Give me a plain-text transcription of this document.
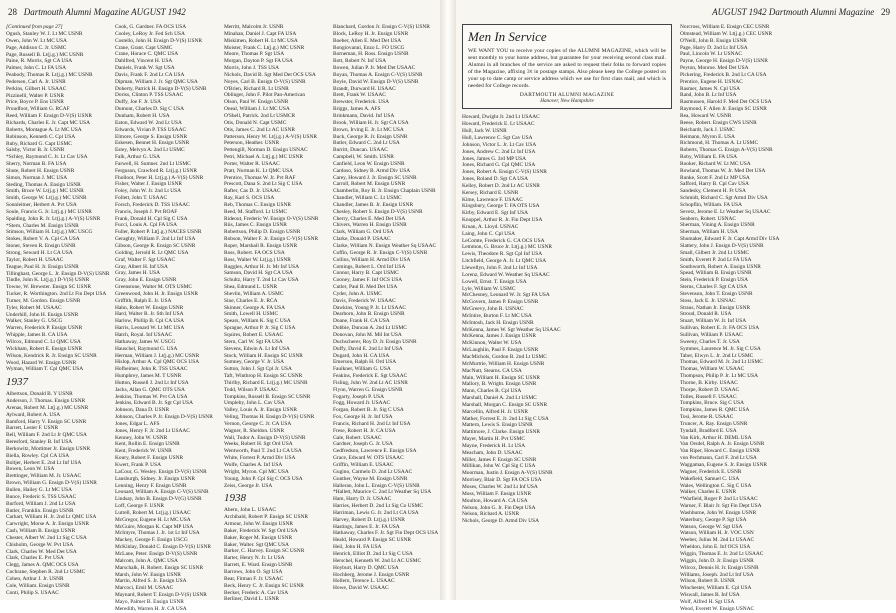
28 Dartmouth Alumni Magazine AUGUST 1942
[Continued from page 27]
Ogush, Stanley W. J. Lt MC USNR
Owen, John W. Lt MC USA
Page, Addison C. Jr. USMC
Page, Russell B. Lt(j.g.) MC USNR
Paine, R. Morris, Sgt CA USA
Palmer, John C. Lt FA USA
Peabody, Thomas R. Lt(j.g.) MC USNR
Pedersen, Carl A. Jr. USNR
Perkins, Gilbert H. USAAC
Pizzinelli, Walter P. USNR
Price, Boyce P. Ens USNR
Proudfoot, William G. RCAF
Reed, William F. Ensign D-V(S) USNR
Richards, Charles E. Jr. Capt MC USA
Roberts, Montague A. Lt MC USA
Robinson, Kenneth C. Cpl USA
Ruby, Richard G. Capt USMC
Salsby, Victor B. Jr. USNR
*Schley, Raymond C. Jr. Lt Cav USA
Sherry, Norman B. FA USA
Shute, Robert H. Ensign USNR
Simon, Norman J. MC USA
Steding, Thomas A. Ensign USNR
Smith, Bruce W. Lt(j.g.) MC USNR
Smith, George W. Lt(j.g.) MC USNR
Sonnleitner, Herbert A. Pvt USA
Soule, Francis G. Jr. Lt(j.g.) MC USNR
Spalding, John R. Jr. Lt(j.g.) A-V(S) USNR
*Stern, Charles M. Ensign USNR
Stimson, William H. Lt(j.g.) MC USCG
Stokes, Robert V. A. Cpl CA USA
Stoner, Steven R. Ensign USNR
Strong, Seward H. Lt CA USA
Taylor, Robert H. USAAC
Teague, Paul H. Jr. Ensign USNR
Tillinghast, George L. Jr. Ensign D-V(S) USNR
Tindle, John K. Lt(j.g.) D-V(S) USNR
Towne, W. Brewster. Ensign SC USNR
Tucker, R. Worthington. 2nd Lt Fin Dept USA
Turner, M. Gordon. Ensign USNR
Tyler, Robert M. USAAC
Underhill, John H. Ensign USNR
Walker, Stanley G. USCG
Warren, Frederick P. Ensign USNR
Whipple, James B. CA USA
Wilcox, Edmund C. Lt QMC USA
Wickham, Robert E. Ensign USNR
Wilson, Kendrick R. Jr. Ensign SC USNR
Wood, Hazard W. Ensign USNR
Wyman, William T. Cpl QMC USA
1937
Albertson, Donald B. Y USNR
Anderson, J. Thomas. Ensign USNR
Arenas, Robert M. Lt(j.g.) MC USNR
Aylward, Robert A. USA
Bamford, Harry V. Ensign SC USNR
Barrett, Lester F. USNR
Bell, William F. 2nd Lt Jr QMC USA
Beresford, Stanley B. Inf USA
Berkowitz, Mortimer Jr. Ensign USNR
Biella, Rowley. Cpl CA USA
Boltjer, Herbert E. 2nd Lt Inf USA
Bowen, Leon W. USA
Brettinger, William M. Jr. USAAC
Brown, William G. Ensign D-V(S) USNR
Bullen, Hailey G. Lt MC USA
Bunce, Frederic S. TSS USAAC
Burford, William J. 2nd Lt USA
Butler, Franklin. Ensign USNR
Carhart, William H. Jr. 2nd Lt QMC USA
Carwright, Morse A. Jr. Ensign USNR
Cash, William B. Ensign USNR
Chester, Albert W. 2nd Lt Sig C USA
Chisholm, George W. Pvt USA
Clark, Charles W. Med Det USA
Clark, Charles E. Pvt USA
Clegg, James A. QMC OCS USA
Cochrane, Stephen R. 2nd Lt USMC
Cohen, Arthur J. Jr. USNR
Cole, William. Ensign USNR
Conti, Philip S. USAAC
Cook, G. Gardner. FA OCS USA
Cooley, LeRoy Jr. Fed Sch USA
Costello, John H. Ensign D-V(S) USNR
Crane, Grant. Capt USMC
Crane, Horace C. QMC USA
Dahlfred, Vincent H. USA
Daniels, Frank W. Sgt USA
Davis, Frank F. 2nd Lt CA USA
Dipman, William J. Jr. Sgt QMC USA
Doherty, Patrick H. Ensign D-V(S) USNR
Doriss, Clinton P. TSS USAAC
Duffy, Joe F. Jr. USA
Dumont, Charles D. Sig C USA
Dunham, Robert H. USA
Eaton, Edward W. 2nd Lt USA
Edwards, Vivian P. TSS USAAC
Elmore, George S. Ensign USNR
Eskesen, Bennet H. Ensign USNR
Estey, Melvyn A. 2nd Lt USMC
Falk, Arthur G. USA
Farwell, H. Sumner. 2nd Lt USMC
Ferguson, Crawford R. Lt(j.g.) USNR
Fholloot, Peter H. Lt(j.g.) A-V(S) USNR
Fisher, Walter J. Ensign USNR
Foley, John W. Jr. 2nd Lt USA
Follett, John T. USAAC
Forsch, Frederick D. TSS USAAC
Francis, Joseph J. Pvt ROAF
Frank, Donald H. Cpl Sig C USA
Fucci, Louis A. Cpl FA USA
Fuller, Robert P. Lt(j.g.) NACES USNR
Geraghty, William F. 2nd Lt Inf USA
Gibson, George R. Ensign SC USNR
Golding, Jerrold R. Lt QMC USA
Graf, Walter F. Sgt USAAC
Gray, Albert H. Inf USA
Gray, James H. USA
Gray, John E. Ensign USNR
Greenstone, Walter M. OTS USMC
Greenwood, John H. Jr. Ensign USNR
Griffith, Ralph E. Jr. USA
Hahn, Robert W. Ensign USNR
Hard, Walter R. Jr. Sth Inf USA
Harlow, Phillip B. Cpl CA USA
Harris, Leonard W. Lt MC USA
Hatch, Royal. Inf USAAC
Hathaway, James W. USCG
Hauschel, Raymond G. USA
Herman, William J. Lt(j.g.) MC USNR
Hislop, Arthur A. Cpl QMC OCS USA
Hofheimer, John R. TSS USAAC
Humphrey, James M. T USNR
Hutton, Russell J. 2nd Lt Inf USA
Jacks, Allan G. QMC OTS USA
Jenkins, Thomas W. Pvt CA USA
Jenkins, Edward B. Jr. Sgt Cpl USA
Johnson, Dana D. USNR
Johnson, Charles P. Jr. Ensign D-V(S) USNR
Jones, Edgar L. AFS
Jones, Henry F. Jr. 2nd Lt USAAC
Kenney, John W. USNR
Kent, Rollin E. Ensign USNR
Kent, Frederick W. USNR
Koury, Robert F. Ensign USNR
Kwert, Frank P. USA
LaCour, G. Wesley. Ensign D-V(S) USNR
Lansburgh, Sidney. Jr. Ensign USNR
Lenning, Henry F. Ensign USNR
Leonard, William A. Ensign C-V(S) USNR
Lindsay, John B. Ensign D-V(G) USNR
Loff, George F. USNR
Lutrell, Robert M. Lt(j.g.) USAAC
McGregor, Eugene H. Lt MC USA
McGuire, Morgan K. Capt MP USA
McIntyre, Thomas J. Jr. 1st Lt Inf USA
Mackey, George F. Ensign USCG
McKinlay, Donald C. Ensign D-V(S) USNR
McLane, Peter. Ensign D-V(S) USNR
Malcom, John A. QMC USA
Marschalk, H. Robert. Ensign SC USNR
Marsh, John W. Ensign USNR
Martin, Alfred S. Jr. Ensign USA
Marcoci, Emil M. USAAC
Maynard, Robert T. Ensign D-V(S) USNR
Mayo, Palmer B. Ensign USNR
Meredith, Warren H. Jr. CA USA
Merritt, Malcolm Jr. USNR
Minahan, Daniel J. Capt FA USA
Miskimen, Robert H. Lt MC USA
Moister, Frank C. Lt(j.g.) MC USNR
Moore, Thomas P. Sgt USA
Morgan, Dayton P. Sgt FA USA
Morris, John J. TSS USA
Nichols, David B. Sgt Med Det OCS USA
Noyes, Carl B. Ensign O-V(S) USNR
O'Brien, Richard R. Lt USNR
Oblinger, John F. Pilot Pan-American
Olson, Paul W. Ensign USNR
Oneal, William J. Lt MC USA
O'Shell, Patrick. 2nd Lt USMCR
Otis, Donald N. Capt USMC
Otis, James C. 2nd Lt AC USNR
Patterson, Henry W. Lt(j.g.) A-V(S) USNR
Peterson, Heather. USNR
Pettengill, Norman D. Ensign USNAC
Petri, Michael A. Lt(j.g.) MC USNR
Porter, Walter R. USAAC
Pratt, Norman K. Lt QMC USA
Prentice, Thomas W. Jr. Pvt RAF
Prescott, Dana S. 2nd Lt Sig C USA
Rafter, Cas D. Jr. USAAC
Ray, Karl S. OCS USA
Reb, Thomas C. Ensign USNR
Reed, M. Stafford. Lt USMC
Rideout, Frederic W. Ensign O-V(S) USNR
Riis, James C. Ensign USNR
Robertson, Philip D. Ensign USNR
Robson, Walter F. Jr. Ensign C-V(S) USNR
Roper, Marshall R. Ensign USNR
Ross, Robert. FA OCS USA
Ross, Walter W. Lt(j.g.) USNR
Ruggles, Arthur H. Jr. Mr Inf USA
Samson, David H. Sgt CA USA
Schultz, Harry T. 2nd Lt Cav USA
Shea, Edmund L. USNR
Shevlin, William A. USMC
Sine, Charles E. Jr. RCA
Skinner, George A. FA USA
Smith, Lowell H. USMC
Spears, William K. Sig C USA
Sprague, Arthur P. Jr. Sig C USA
Squires, Robert E. USAAC
Stern, Carl W. Sgt FA USA
Stevens, Edwin A. Lt Inf USA
Stock, William H. Ensign SC USNR
Sumney, George V. Jr. USA
Sutton, John J. Sgt Cpl Jr. USA
Taft, Winthrop H. Ensign SC USNR
Thirlby, Richard E. Lt(j.g.) MC USNR
Todd, Wilson P. USAAC
Tompkins, Russell B. Ensign SC USNR
Umpleby, John L. Cav USA
Valley, Louis A. Jr. Ensign USNR
Veling, Thomas H. Ensign D-V(S) USNR
Vernon, George C. Jr. CA USA
Wagner, R. Sheldon. USNR
Wall, Tudor A. Ensign D-V(S) USNR
Weeks, Robert H. Sgt Ord USA
Wentworth, Paul T. 2nd Lt CA USA
White, Forrest P. Armd Div USA
Wolfe, Charles A. Inf USA
Wright, Myron. Cpl MC USA
Young, John P. Cpl Sig C OCS USA
Zeiss, George Jr. USA
1938
Abern, John L. USAAC
Archibald, Robert P. Ensign SC USNR
Armour, John W. Ensign USNR
Baker, Frederick W. Sgt Ord USA
Baker, Roger M. Ensign USNR
Baker, Walter. Sgt QMC USA
Barker, C. Harvey. Ensign SC USNR
Barter, Henry N. Jr. Lt USA
Barrett, E. Ward. Ensign USNR
Barrows, John O. Sgt USA
Bear, Fitman F. Jr. USAAC
Beck, Henry C. Jr. Ensign SC USNR
Becker, Frederic A. Cav USA
Berliner, David L. USNR
Blanchard, Gordon Jr. Ensign C-V(S) USNR
Block, LeRoy H. Jr. Ensign USNR
Boeber, Allen E. Med Det USA
Bongiovanni, Enzo L. FO USCG
Borneman, H. Ross. Ensign USNR
Bott, Robert N. Inf USA
Bowen, Julian P. Jr. Med Det USAAC
Boyan, Thomas A. Ensign C-V(S) USNR
Boyle, David W. Ensign D-V(S) USNR
Brandt, Durward H. USAAC
Brett, Frank W. USAAC
Brewster, Frederick. USA
Briggs, James A. AFS
Brinkmann, David. Inf USA
Brook, William H. Jr. Sgt CA USA
Brown, Irving E. Jr. Lt MC USA
Buck, George R. Jr. Ensign USNR
Butler, Edward C. 2nd Lt USA
Burritt, Duncan. USAAC
Campbell, W. Smith. USNR
Canfield, Leon W. Ensign USNR
Cardoso, Sidney B. Armd Div USA
Carey, Howard J. Jr. Ensign SC USNR
Carroll, Robert M. Ensign USNR
Chamberlin, Roy B. Jr. Ensign Chaplain USNR
Chandler, William C. Lt USMC
Chandler, James B. Jr. Ensign USNR
Chesley, Robert S. Ensign D-V(S) USNR
Cherry, Charles E. Med Det USA
Chivers, Warren H. Ensign USNR
Clark, William G. Ord USA
Clarke, Donald P. USAAC
Clarke, William N. Ensign Weather Sq USAAC
Coffin, George R. Jr. Ensign C-V(S) USNR
Collins, William H. Armd Div USA
Comings, Robert L. Ord Inf USA
Connor, Harry B. Capt USMC
Cooney, James F. Inf OCS USA
Cutler, Paul B. Med Det USA
Cyder, John A. USMC
Davis, Frederick W. USAAC
Dawkins, Young P. Jr. Lt USAAC
Dearborn, John B. Ensign USNR
Doane, Frank H. CA USA
Dobbie, Duncan A. 2nd Lt USMC
Donovan, John M. Mil Int USA
Duchscherer, Roy D. Jr. Ensign USNR
Duffy, David E. 2nd Lt Inf USA
Dugard, John H. CA USA
Emerson, Ralph H. Ord USA
Faulkner, William G. USA
Feakins, Frederick E. Sgt USAAC
Fisling, John W. 2nd Lt AC USNR
Flynn, Warren G. Ensign USNR
Fogarty, Joseph P. USA
Fogg, Howard Jr. USAAC
Forgan, Robert B. Jr. Sig C USA
Fox, George H. Jr. Inf USA
Francis, Richard H. 2nd Lt Inf USA
Frese, Robert H. Jr. CA USA
Gale, Robert. USAAC
Gardner, Joseph G. Jr. USA
Gedfredson, Lawrence E. Ensign USA
Grace, Edward W. OTS USAAC
Griffin, William E. USAAC
Gugino, Carmelo D. 2nd Lt USAAC
Gunther, Wayne M. Ensign USNR
Halleran, John L. Ensign C-V(S) USNR
*Hallett, Maurice C. 2nd Lt Weather Sq USA
Ham, Harry D. Jr. USAAC
Harries, Herbert D. 2nd Lt Sig Co USMC
Harriman, Lewis G. Jr. 2nd Lt CA USA
Harvey, Robert D. Lt(j.g.) USNR
Hastings, James E. Jr. FA USA
Hathaway, Charles F. Jr. Sgt Fin Dept OCS USA
Heald, Howard P. Ensign SC USNR
Heil, John H. FA USA
Henrich, Elliot D. 2nd Lt Sig C USA
Herschel, Kenneth W. 2nd Lt AC USMC
Hoyburt, Harry D. QMC USA
Hochberg, Jerome J. Ensign USNR
Hollern, Terence L. USAAC
Howe, David W. USAAC
AUGUST 1942 Dartmouth Alumni Magazine 29
Men In Service

WE WANT YOU to receive your copies of the ALUMNI MAGAZINE, which will be sent monthly to your home address, but guarantee for your receiving second class mail. Alumni in all branches of the service are asked to request their folks to forward copies of the Magazine, affixing 3¢ in postage stamps. Also please keep the College posted on your up to date camp or service address which we use for first class mail, and which is needed for College records.

DARTMOUTH ALUMNI MAGAZINE
Hanover, New Hampshire
Howard, Dwight Jr. 2nd Lt USAAC
Howard, Frederick E. Lt USAAC
Hull, Jack W. USNR
Hull, Lawrence C. Sgt Cav USA
Johnson, Victor L. Jr. Lt Cav USA
Jones, Andrew C. 2nd Lt Inf USA
Jones, James G. 3rd MP USA
Jones, Richard G. Cpl QMC USA
Jones, Robert A. Ensign C-V(S) USNR
Jones, Roland D. Sgt CA USA
Kelley, Robert D. 2nd Lt AC USNR
Kersey, Richard E. USNR
Kime, Lawrence F. USAAC
Kingsbury, George T. FA OTS USA
Kirby, Edward E. Sgt Inf USA
Knoppel, Arthur R. Jr. Fin Dept USA
Kruan, A. Lloyd. USNAC
Laing, John C. Cpl USA
LeComte, Frederick G. CA OCS USA
Lemmon, G. Bruce Jr. Lt(j.g.) MC USNR
Lewis, Theodore R. Sgt Cpl Inf USA
Litchfield, George A. Jr. Lt QMC USA
Llewellyn, John F. 2nd Lt Inf USA
Lorenz, Edward W. Weather Sq USAAC
Lowell, Ernst. T. Ensign USA
Lyle, William W. USMC
McChesney, Leonard W. Jr. Sgt FA USA
McGovern, James P. Ensign USNR
McGreevy, John R. USNAC
McIntire, Burton F. Lt MC USA
McIntosh, Jack H. Ensign USNR
McKenna, James W. Sgt Weather Sq USAAC
McKenna, James J. Ensign USNR
McKinnon, Walter W. USA
McLaughlin, Paul F. Ensign USNR
MacMichols, Gordon B. 2nd Lt USMC
McMurtrie, William H. Ensign USNR
MacNutt, Stearns. CA USA
Main, William H. Ensign SC USNR
Mallory, B. Wright. Ensign USNR
Mann, Charles R. Cpl USA
Marshall, Daniel A. 2nd Lt USMC
Marshall, Morgan C. Ensign SC USNR
Marcellin, Alfred H. Jr. USNR
Mather, Forrest E. Jr. 2nd Lt Sig C USA
Mattern, Lewis S. Ensign USNR
Mattimore, J. Clarke. Ensign USNR
Mayer, Martin H. Pvt USMC
Mayne, Frederick H. Lt USA
Meacham, John D. USAAC
Miller, James F. Ensign SC USNR
Millikan, John W. Cpl Sig C USA
Moorman, Justin J. Ensign A-V(S) USNR
Morrisey, Blair D. Sgt FA OCS USA
Moses, Charles W. 2nd Lt Inf USA
Moss, William F. Ensign USNR
Moulton, Howard A. CA USA
Nelson, John G. Jr. Fin Dept USA
Nelson, Richard A. USNR
Nichols, George D. Armd Div USA
Norcross, William E. Ensign CEC USNR
Olmstead, William W. Lt(j.g.) CEC USNR
O'Neill, John B. Ensign USNR
Page, Harry D. 2nd Lt Inf USA
Paul, Lincoln W. Lt USNAC
Payne, George H. Ensign D-V(S) USNR
Peyton, Monroe. Med Det USA
Pickering, Frederick B. 2nd Lt CA USA
Prentice, Eugene H. USNAC
Rasmer, James N. Cpl USA
Rand, John B. Lt Inf USA
Rasmussen, Harold F. Med Det OCS USA
Raymond, F. Allen Jr. Ensign SC USNR
Rea, Howard W. USNR
Reese, Robert. Ensign CWS USNR
Reichardt, Jack J. USMC
Reimann, Myron E. USA
Richmond, H. Thomas A. Lt USMC
Roberts, Thomas G. Ensign A-V(S) USNR
Roby, William E. FA USA
Rooker, Richard W. Lt MC USA
Rowland, Thomas W. Jr. Med Det USA
Runke, Scott F. 2nd Lt MP USA
Safford, Harry B. Cpl Cav USA
Sandesky, Clement H. Ft USA
Schmidt, Richard C. Sgt Armd Div USA
Schopflin, William. FA USA
Sevetz, Jerome E. Lt Weather Sq USAAC
Seaborn, Robert. USNAC
Sherman, Vining A. Ensign USNR
Sherman, William H. USA
Shumaker, Edward F. Jr. Capt Armd Div USA
Slattery, John J. Ensign D-V(S) USNR
Small, Gilbert Jr. 2nd Lt USMC
Smith, Everett P. 2nd Lt FA USA
Southworth, Robert A. Ensign USNR
Spead, William B. Ensign USNR
Stein, Frederick P. Ensign USA
Sterns, Charles F. Sgt CA USA
Stevenson, John T. Ensign USNR
Stoss, Jack E. Jr. USNAC
Straus, Nathan Jr. Ensign USNR
Stroud, Donald R. USA
Stuart, William W. Jr. Inf USA
Sullivan, Robert E. Jr. FA OCS USA
Sullivan, William P. USAAC
Sweeny, Charles T. Jr. USA
Symmes, Laurence M. Jr. Sig C USA
Taber, Elwyn L. Jr. 2nd Lt USMC
Thomas, Edward M. Jr. 2nd Lt USMC
Thomas, William W. USAAC
Thompson, Philip P. Jr. Lt MC USA
Thorne, B. Kirby. USAAC
Thorpe, Robert D. USAAC
Tolles, Russell F. USAAC
Tompkins, Bruce. Sig C USA
Tompkins, James R. QMC USA
Tosi, Jerome R. USAAC
Truncer, A. Ray. Ensign USNR
Tyndall, Bradford E. USA
Van Kirk, Arthur H. DEML USA
Van Orsdel, Ralph A. Jr. Ensign USNR
Van Riper, Howard C. Ensign USNR
von Pechmann, Carl F. 2nd Lt USA
Waggaman, Eugene S. Jr. Ensign USNR
Wagner, Frederick E. USNR
Wakefield, Samuel C. USA
Wales, Wellington C. Sig C USA
Walker, Charles E. USNR
*Warfield, Roger P. 2nd Lt USAAC
Warner, F. Blair Jr. Sgt Fin Dept USA
Washburne, John W. Ensign USNR
Waterbury, George P. Sgt USA
Watson, George W. Sgt USA
Watson, William H. Jr. VOC USN
Weeber, Julius M. 2nd Lt USAAC
Wheldon, John E. Inf OCS USA
Wiggin, Thomas E. Jr. 2nd Lt USAAC
Wiggin, John D. Jr. Ensign USNR
Wilcox, Dennis H. Jr. Ensign USNR
Williams, Joseph. 2nd Lt Inf USA
Wilson, Robert B. USNR
Winchester, William E. Cpl USA
Wiswall, James B. Inf USA
Wolf, Alfred H. Sgt USA
Wood, Everett W. Ensign USNAC
